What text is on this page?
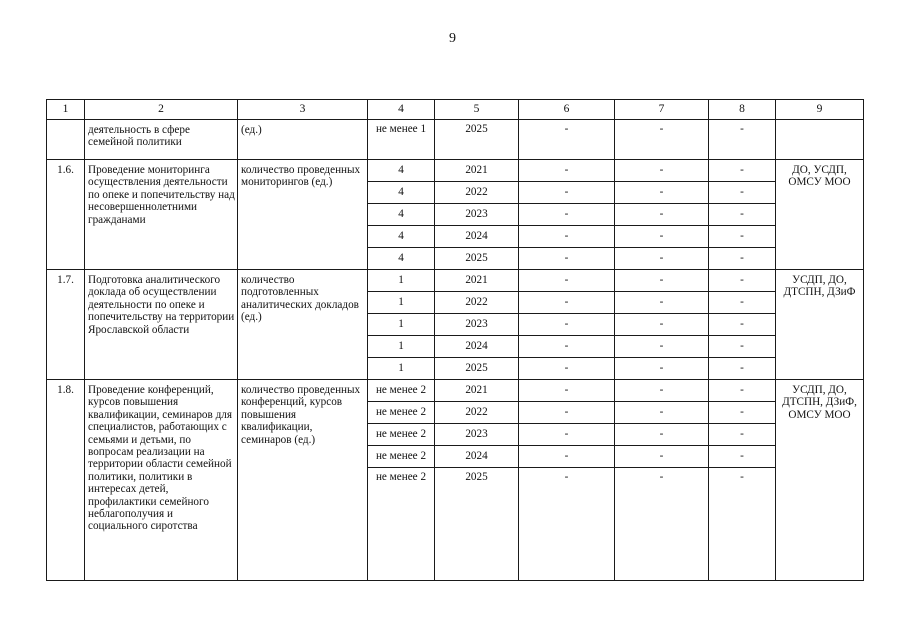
9
1	2	3	4	5	6	7	8	9
	деятельность в сфере семейной политики	(ед.)	не менее 1	2025	-	-	-	
1.6.	Проведение мониторинга осуществления деятельности по опеке и попечительству над несовершеннолетними гражданами	количество проведенных мониторингов (ед.)	4	2021	-	-	-	ДО, УСДП, ОМСУ МОО
			4	2022	-	-	-	
			4	2023	-	-	-	
			4	2024	-	-	-	
			4	2025	-	-	-	
1.7.	Подготовка аналитического доклада об осуществлении деятельности по опеке и попечительству на территории Ярославской области	количество подготовленных аналитических докладов (ед.)	1	2021	-	-	-	УСДП, ДО, ДТСПН, ДЗиФ
			1	2022	-	-	-	
			1	2023	-	-	-	
			1	2024	-	-	-	
			1	2025	-	-	-	
1.8.	Проведение конференций, курсов повышения квалификации, семинаров для специалистов, работающих с семьями и детьми, по вопросам реализации на территории области семейной политики, политики в интересах детей, профилактики семейного неблагополучия и социального сиротства	количество проведенных конференций, курсов повышения квалификации, семинаров (ед.)	не менее 2	2021	-	-	-	УСДП, ДО, ДТСПН, ДЗиФ, ОМСУ МОО
			не менее 2	2022	-	-	-	
			не менее 2	2023	-	-	-	
			не менее 2	2024	-	-	-	
			не менее 2	2025	-	-	-	
